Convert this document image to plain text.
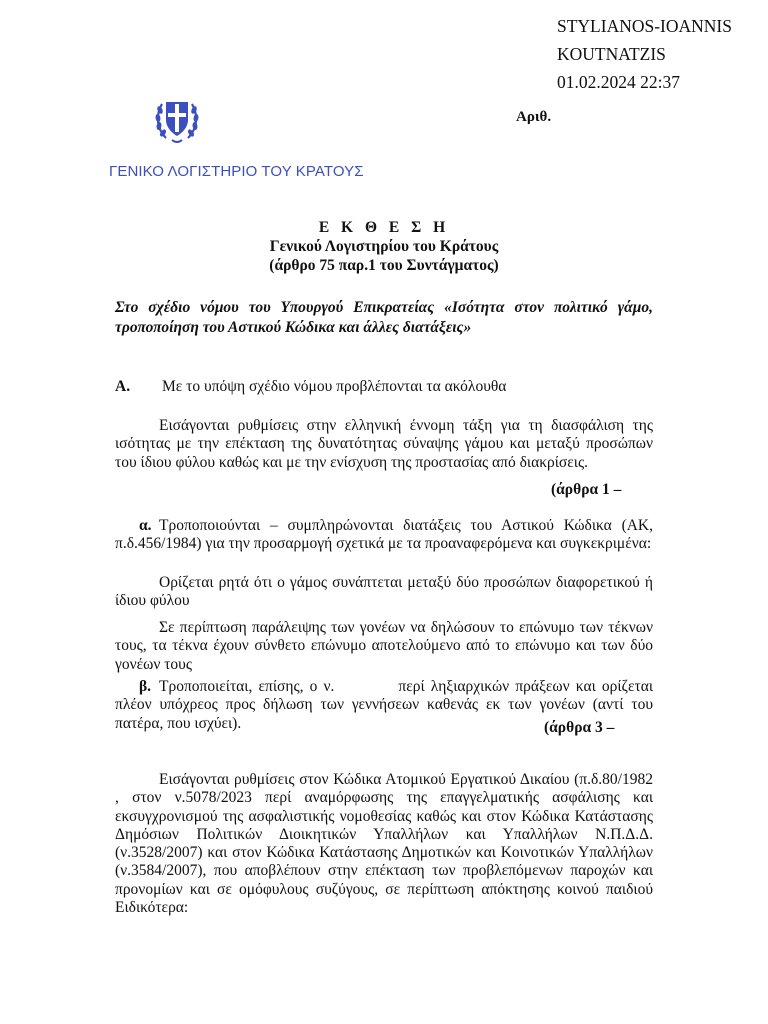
STYLIANOS-IOANNIS
KOUTNATZIS
01.02.2024 22:37
Αριθ.
ΓΕΝΙΚΟ ΛΟΓΙΣΤΗΡΙΟ ΤΟΥ ΚΡΑΤΟΥΣ
Ε Κ Θ Ε Σ Η
Γενικού Λογιστηρίου του Κράτους
(άρθρο 75 παρ.1 του Συντάγματος)
Στο σχέδιο νόμου του Υπουργού Επικρατείας «Ισότητα στον πολιτικό γάμο, τροποποίηση του Αστικού Κώδικα και άλλες διατάξεις»
Α. Με το υπόψη σχέδιο νόμου προβλέπονται τα ακόλουθα
Εισάγονται ρυθμίσεις στην ελληνική έννομη τάξη για τη διασφάλιση της ισότητας με την επέκταση της δυνατότητας σύναψης γάμου και μεταξύ προσώπων του ίδιου φύλου καθώς και με την ενίσχυση της προστασίας από διακρίσεις.
(άρθρα 1 –
α. Τροποποιούνται – συμπληρώνονται διατάξεις του Αστικού Κώδικα (ΑΚ, π.δ.456/1984) για την προσαρμογή σχετικά με τα προαναφερόμενα και συγκεκριμένα:
Ορίζεται ρητά ότι ο γάμος συνάπτεται μεταξύ δύο προσώπων διαφορετικού ή ίδιου φύλου
Σε περίπτωση παράλειψης των γονέων να δηλώσουν το επώνυμο των τέκνων τους, τα τέκνα έχουν σύνθετο επώνυμο αποτελούμενο από το επώνυμο και των δύο γονέων τους
β. Τροποποιείται, επίσης, ο ν.	περί ληξιαρχικών πράξεων και ορίζεται πλέον υπόχρεος προς δήλωση των γεννήσεων καθενάς εκ των γονέων (αντί του πατέρα, που ισχύει).	(άρθρα 3 –
Εισάγονται ρυθμίσεις στον Κώδικα Ατομικού Εργατικού Δικαίου (π.δ.80/1982 , στον ν.5078/2023 περί αναμόρφωσης της επαγγελματικής ασφάλισης και εκσυγχρονισμού της ασφαλιστικής νομοθεσίας καθώς και στον Κώδικα Κατάστασης Δημόσιων Πολιτικών Διοικητικών Υπαλλήλων και Υπαλλήλων Ν.Π.Δ.Δ. (ν.3528/2007) και στον Κώδικα Κατάστασης Δημοτικών και Κοινοτικών Υπαλλήλων (ν.3584/2007), που αποβλέπουν στην επέκταση των προβλεπόμενων παροχών και προνομίων και σε ομόφυλους συζύγους, σε περίπτωση απόκτησης κοινού παιδιού Ειδικότερα:
